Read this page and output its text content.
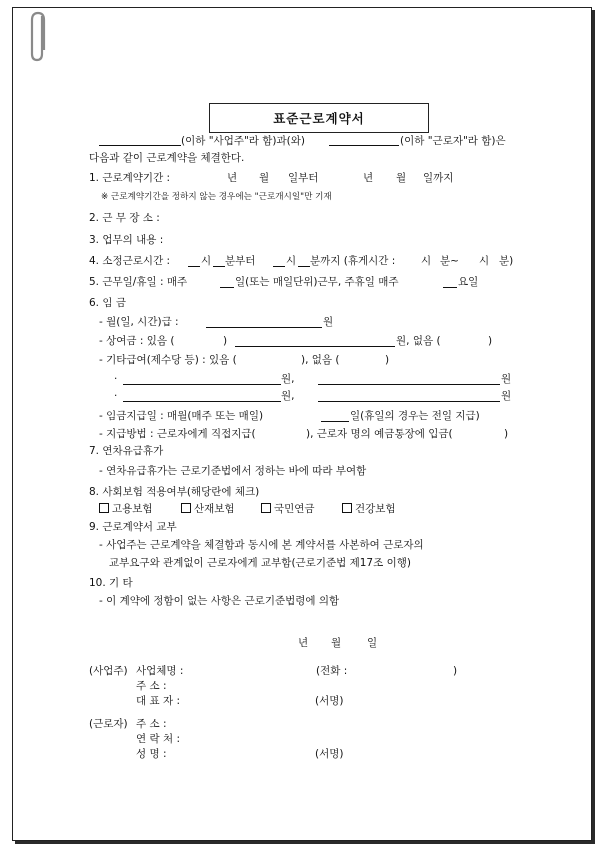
표준근로계약서
(이하 "사업주"라 함)과(와)	(이하 "근로자"라 함)은
다음과 같이 근로계약을 체결한다.
1. 근로계약기간 :	년 월 일부터	년 월 일까지
※ 근로계약기간을 정하지 않는 경우에는 "근로개시일"만 기재
2. 근 무 장 소 :
3. 업무의 내용 :
4. 소정근로시간 :	시 분부터	시 분까지 (휴게시간 : 시 분~ 시 분)
5. 근무일/휴일 : 매주	일(또는 매일단위)근무, 주휴일 매주	요일
6. 임 금
- 월(일, 시간)급 :	원
- 상여금 : 있음 (	)	원, 없음 (	)
- 기타급여(제수당 등) : 있음 (	), 없음 (	)
·	원,	원
·	원,	원
- 임금지급일 : 매월(매주 또는 매일)	일(휴일의 경우는 전일 지급)
- 지급방법 : 근로자에게 직접지급(	), 근로자 명의 예금통장에 입금(	)
7. 연차유급휴가
- 연차유급휴가는 근로기준법에서 정하는 바에 따라 부여함
8. 사회보험 적용여부(해당란에 체크)
고용보험	산재보험	국민연금	건강보험
9. 근로계약서 교부
- 사업주는 근로계약을 체결함과 동시에 본 계약서를 사본하여 근로자의
교부요구와 관계없이 근로자에게 교부함(근로기준법 제17조 이행)
10. 기 타
- 이 계약에 정함이 없는 사항은 근로기준법령에 의함
년 월 일
(사업주) 사업체명 :	(전화 :	)
주 소 :
대 표 자 :	(서명)
(근로자) 주 소 :
연 락 처 :
성 명 :	(서명)
